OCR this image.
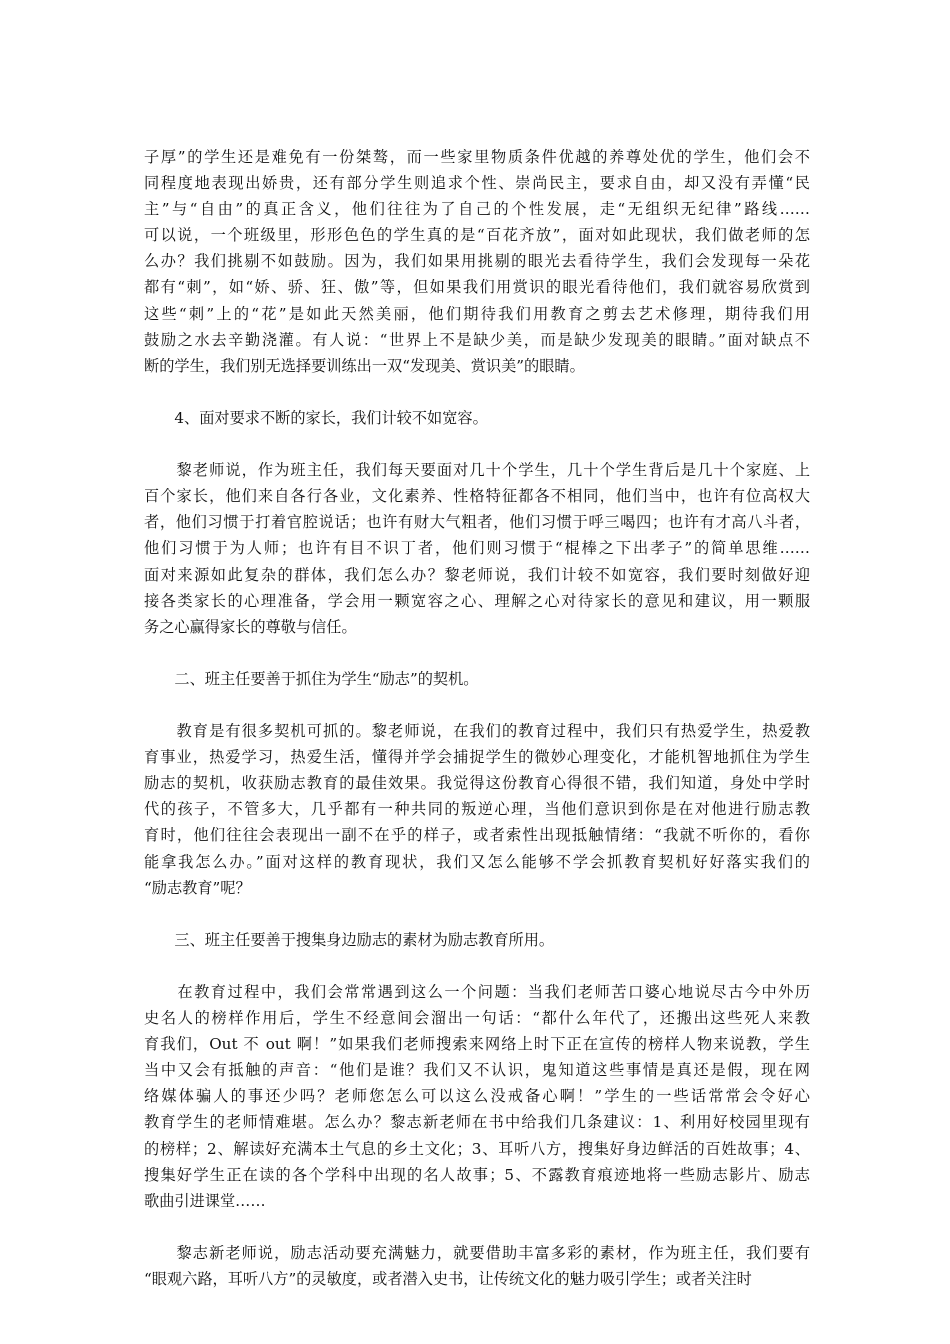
子厚”的学生还是难免有一份桀骜，而一些家里物质条件优越的养尊处优的学生，他们会不
同程度地表现出娇贵，还有部分学生则追求个性、崇尚民主，要求自由，却又没有弄懂“民
主”与“自由”的真正含义，他们往往为了自己的个性发展，走“无组织无纪律”路线……
可以说，一个班级里，形形色色的学生真的是“百花齐放”，面对如此现状，我们做老师的怎
么办？我们挑剔不如鼓励。因为，我们如果用挑剔的眼光去看待学生，我们会发现每一朵花
都有“刺”，如“娇、骄、狂、傲”等，但如果我们用赏识的眼光看待他们，我们就容易欣赏到
这些“刺”上的“花”是如此天然美丽，他们期待我们用教育之剪去艺术修理，期待我们用
鼓励之水去辛勤浇灌。有人说：“世界上不是缺少美，而是缺少发现美的眼睛。”面对缺点不
断的学生，我们别无选择要训练出一双“发现美、赏识美”的眼睛。
　　4、面对要求不断的家长，我们计较不如宽容。
　　黎老师说，作为班主任，我们每天要面对几十个学生，几十个学生背后是几十个家庭、上
百个家长，他们来自各行各业，文化素养、性格特征都各不相同，他们当中，也许有位高权大
者，他们习惯于打着官腔说话；也许有财大气粗者，他们习惯于呼三喝四；也许有才高八斗者，
他们习惯于为人师；也许有目不识丁者，他们则习惯于“棍棒之下出孝子”的简单思维……
面对来源如此复杂的群体，我们怎么办？黎老师说，我们计较不如宽容，我们要时刻做好迎
接各类家长的心理准备，学会用一颗宽容之心、理解之心对待家长的意见和建议，用一颗服
务之心赢得家长的尊敬与信任。
　　二、班主任要善于抓住为学生“励志”的契机。
　　教育是有很多契机可抓的。黎老师说，在我们的教育过程中，我们只有热爱学生，热爱教
育事业，热爱学习，热爱生活，懂得并学会捕捉学生的微妙心理变化，才能机智地抓住为学生
励志的契机，收获励志教育的最佳效果。我觉得这份教育心得很不错，我们知道，身处中学时
代的孩子，不管多大，几乎都有一种共同的叛逆心理，当他们意识到你是在对他进行励志教
育时，他们往往会表现出一副不在乎的样子，或者索性出现抵触情绪：“我就不听你的，看你
能拿我怎么办。”面对这样的教育现状，我们又怎么能够不学会抓教育契机好好落实我们的
“励志教育”呢？
　　三、班主任要善于搜集身边励志的素材为励志教育所用。
　　在教育过程中，我们会常常遇到这么一个问题：当我们老师苦口婆心地说尽古今中外历
史名人的榜样作用后，学生不经意间会溜出一句话：“都什么年代了，还搬出这些死人来教
育我们，Out 不 out 啊！”如果我们老师搜索来网络上时下正在宣传的榜样人物来说教，学生
当中又会有抵触的声音：“他们是谁？我们又不认识，鬼知道这些事情是真还是假，现在网
络媒体骗人的事还少吗？老师您怎么可以这么没戒备心啊！”学生的一些话常常会令好心
教育学生的老师情难堪。怎么办？黎志新老师在书中给我们几条建议：1、利用好校园里现有
的榜样；2、解读好充满本土气息的乡土文化；3、耳听八方，搜集好身边鲜活的百姓故事；4、
搜集好学生正在读的各个学科中出现的名人故事；5、不露教育痕迹地将一些励志影片、励志
歌曲引进课堂……
　　黎志新老师说，励志活动要充满魅力，就要借助丰富多彩的素材，作为班主任，我们要有
“眼观六路，耳听八方”的灵敏度，或者潜入史书，让传统文化的魅力吸引学生；或者关注时
